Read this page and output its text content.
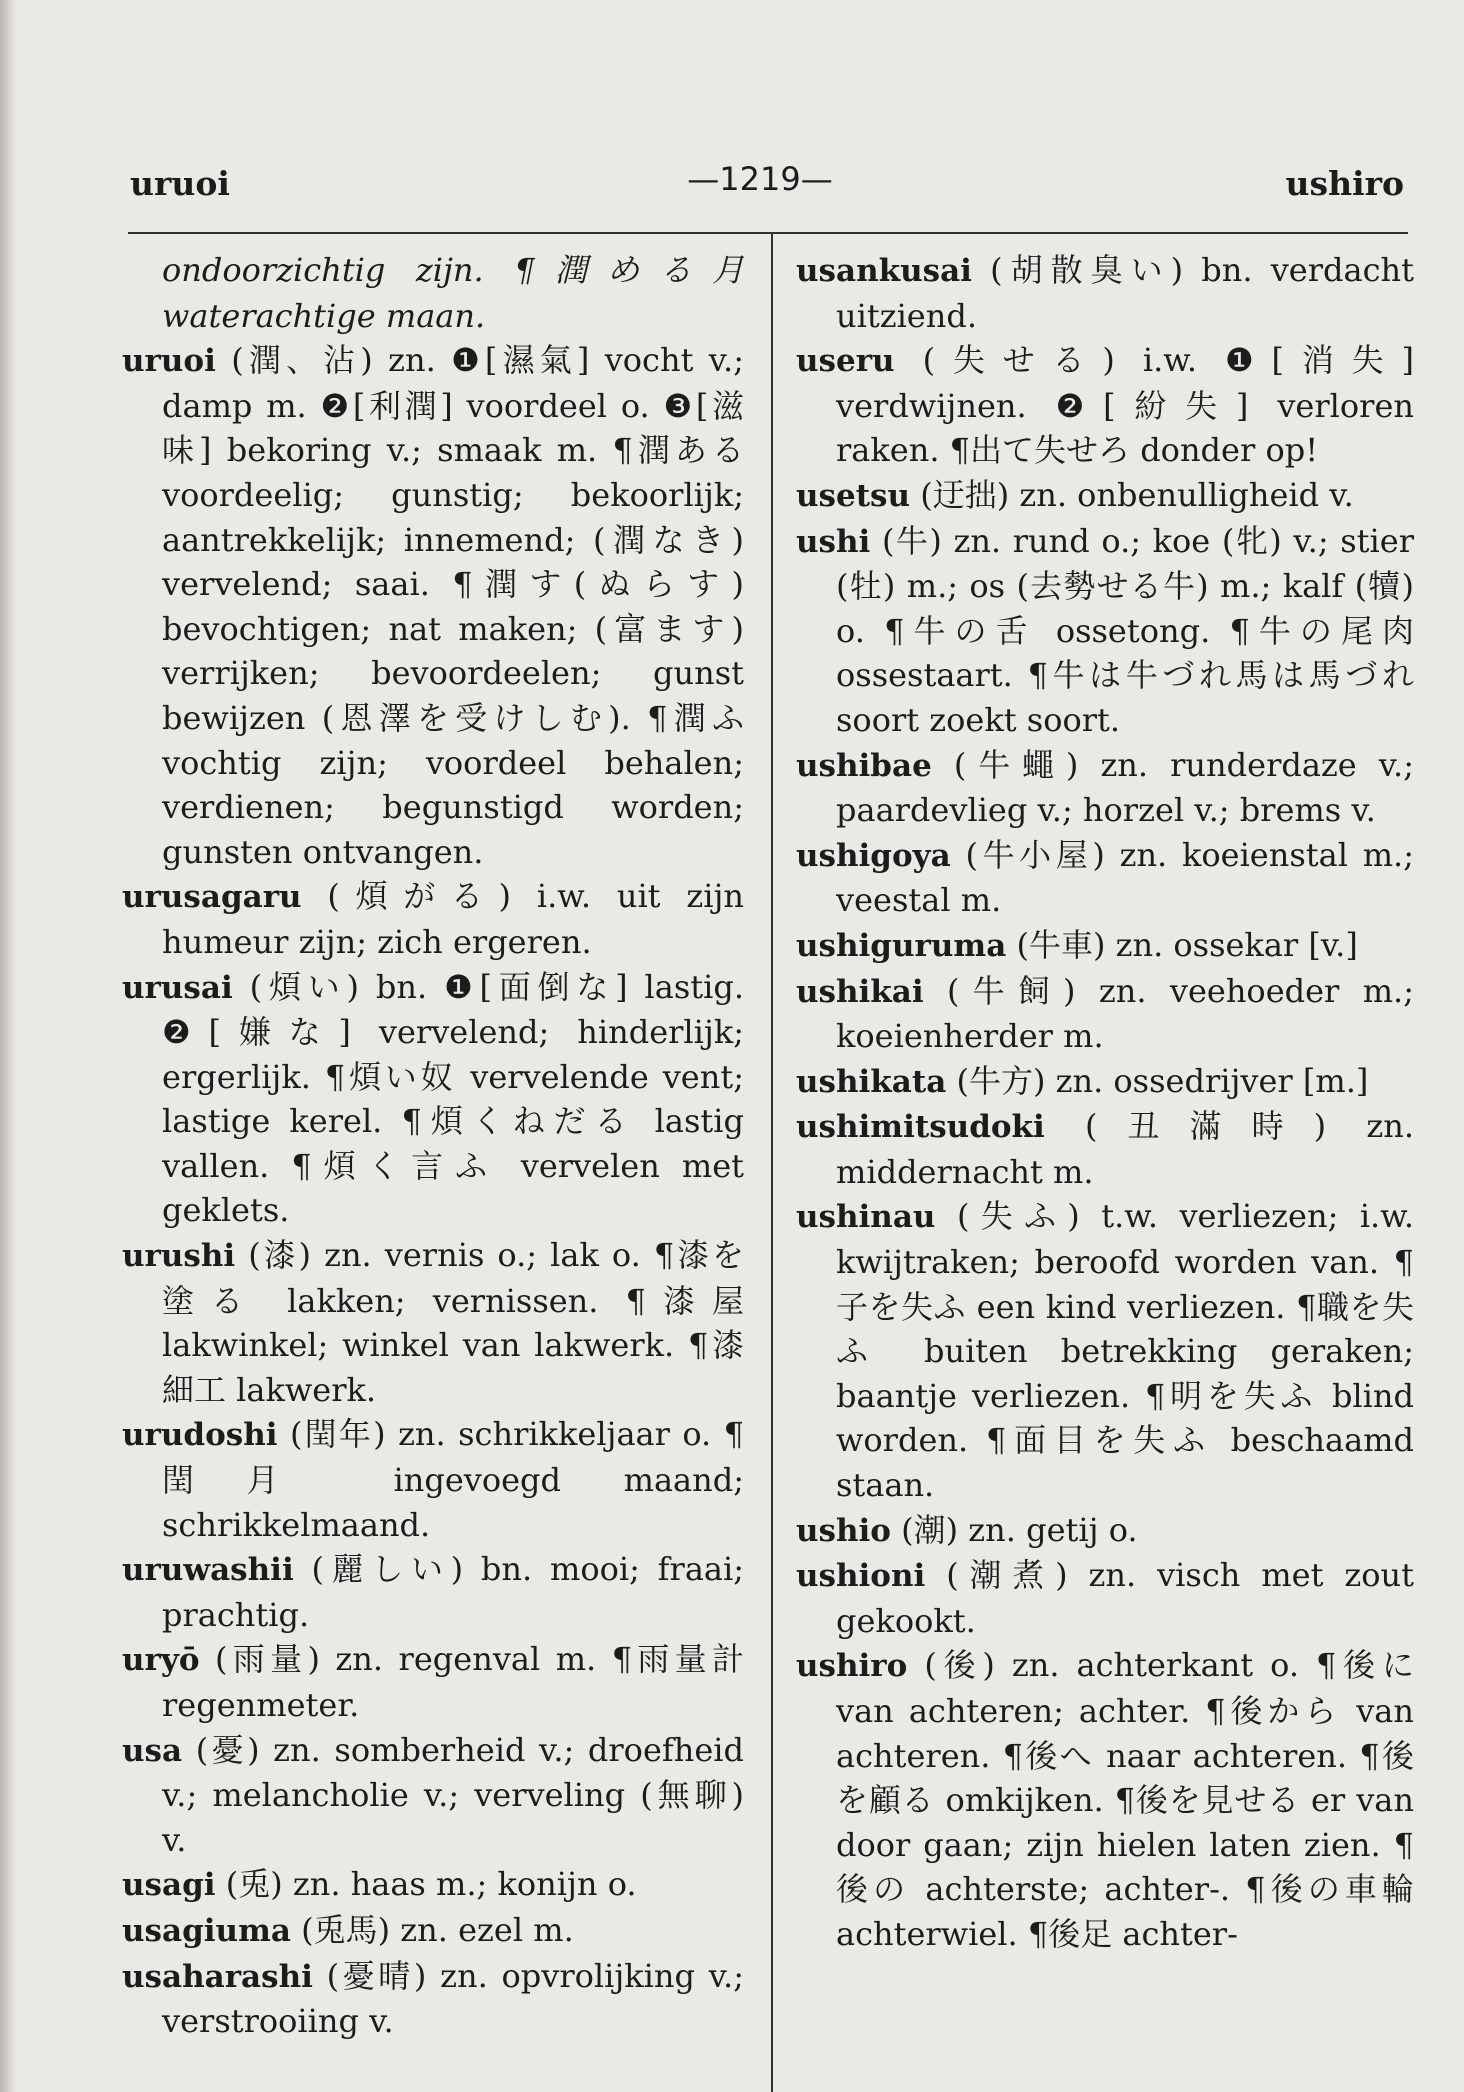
uruoi	—1219—	ushiro

ondoorzichtig zijn. ¶潤める月 waterachtige maan.

uruoi (潤、沾) zn. ❶[濕氣] vocht v.; damp m. ❷[利潤] voordeel o. ❸[滋味] bekoring v.; smaak m. ¶潤ある voordeelig; gunstig; bekoorlijk; aantrekkelijk; innemend; (潤なき) vervelend; saai. ¶潤す(ぬらす) bevochtigen; nat maken; (富ます) verrijken; bevoordeelen; gunst bewijzen (恩澤を受けしむ). ¶潤ふ vochtig zijn; voordeel behalen; verdienen; begunstigd worden; gunsten ontvangen.

urusagaru (煩がる) i.w. uit zijn humeur zijn; zich ergeren.

urusai (煩い) bn. ❶[面倒な] lastig. ❷[嫌な] vervelend; hinderlijk; ergerlijk. ¶煩い奴 vervelende vent; lastige kerel. ¶煩くねだる lastig vallen. ¶煩く言ふ vervelen met geklets.

urushi (漆) zn. vernis o.; lak o. ¶漆を塗る lakken; vernissen. ¶漆屋 lakwinkel; winkel van lakwerk. ¶漆細工 lakwerk.

urudoshi (閏年) zn. schrikkeljaar o. ¶閏月 ingevoegd maand; schrikkelmaand.

uruwashii (麗しい) bn. mooi; fraai; prachtig.

uryō (雨量) zn. regenval m. ¶雨量計 regenmeter.

usa (憂) zn. somberheid v.; droefheid v.; melancholie v.; verveling (無聊) v.

usagi (兎) zn. haas m.; konijn o.

usagiuma (兎馬) zn. ezel m.

usaharashi (憂晴) zn. opvrolijking v.; verstrooiing v.

usankusai (胡散臭い) bn. verdacht uitziend.

useru (失せる) i.w. ❶[消失] verdwijnen. ❷[紛失] verloren raken. ¶出て失せろ donder op!

usetsu (迂拙) zn. onbenulligheid v.

ushi (牛) zn. rund o.; koe (牝) v.; stier (牡) m.; os (去勢せる牛) m.; kalf (犢) o. ¶牛の舌 ossetong. ¶牛の尾肉 ossestaart. ¶牛は牛づれ馬は馬づれ soort zoekt soort.

ushibae (牛蠅) zn. runderdaze v.; paardevlieg v.; horzel v.; brems v.

ushigoya (牛小屋) zn. koeienstal m.; veestal m.

ushiguruma (牛車) zn. ossekar [v.]

ushikai (牛飼) zn. veehoeder m.; koeienherder m.

ushikata (牛方) zn. ossedrijver [m.]

ushimitsudoki (丑滿時) zn. middernacht m.

ushinau (失ふ) t.w. verliezen; i.w. kwijtraken; beroofd worden van. ¶子を失ふ een kind verliezen. ¶職を失ふ buiten betrekking geraken; baantje verliezen. ¶明を失ふ blind worden. ¶面目を失ふ beschaamd staan.

ushio (潮) zn. getij o.

ushioni (潮煮) zn. visch met zout gekookt.

ushiro (後) zn. achterkant o. ¶後に van achteren; achter. ¶後から van achteren. ¶後へ naar achteren. ¶後を顧る omkijken. ¶後を見せる er van door gaan; zijn hielen laten zien. ¶後の achterste; achter-. ¶後の車輪 achterwiel. ¶後足 achter-
